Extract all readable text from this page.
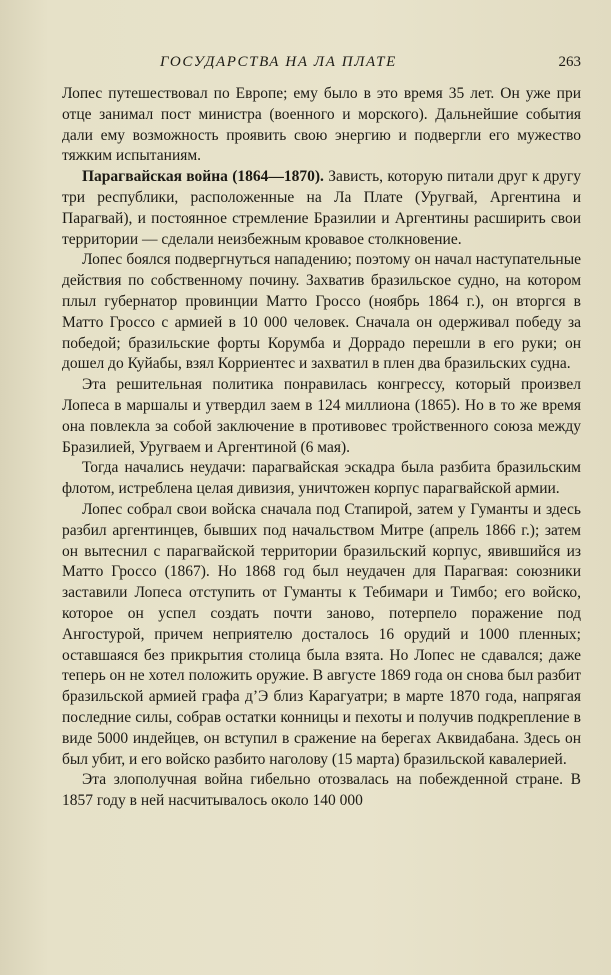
ГОСУДАРСТВА НА ЛА ПЛАТЕ	263

Лопес путешествовал по Европе; ему было в это время 35 лет. Он уже при отце занимал пост министра (военного и морского). Дальнейшие события дали ему возможность проявить свою энергию и подвергли его мужество тяжким испытаниям.

Парагвайская война (1864—1870). Зависть, которую питали друг к другу три республики, расположенные на Ла Плате (Уругвай, Аргентина и Парагвай), и постоянное стремление Бразилии и Аргентины расширить свои территории — сделали неизбежным кровавое столкновение.

Лопес боялся подвергнуться нападению; поэтому он начал наступательные действия по собственному почину. Захватив бразильское судно, на котором плыл губернатор провинции Матто Гроссо (ноябрь 1864 г.), он вторгся в Матто Гроссо с армией в 10 000 человек. Сначала он одерживал победу за победой; бразильские форты Корумба и Доррадо перешли в его руки; он дошел до Куйабы, взял Корриентес и захватил в плен два бразильских судна.

Эта решительная политика понравилась конгрессу, который произвел Лопеса в маршалы и утвердил заем в 124 миллиона (1865). Но в то же время она повлекла за собой заключение в противовес тройственного союза между Бразилией, Уругваем и Аргентиной (6 мая).

Тогда начались неудачи: парагвайская эскадра была разбита бразильским флотом, истреблена целая дивизия, уничтожен корпус парагвайской армии.

Лопес собрал свои войска сначала под Стапирой, затем у Гуманты и здесь разбил аргентинцев, бывших под начальством Митре (апрель 1866 г.); затем он вытеснил с парагвайской территории бразильский корпус, явившийся из Матто Гроссо (1867). Но 1868 год был неудачен для Парагвая: союзники заставили Лопеса отступить от Гуманты к Тебимари и Тимбо; его войско, которое он успел создать почти заново, потерпело поражение под Ангостурой, причем неприятелю досталось 16 орудий и 1000 пленных; оставшаяся без прикрытия столица была взята. Но Лопес не сдавался; даже теперь он не хотел положить оружие. В августе 1869 года он снова был разбит бразильской армией графа д’Э близ Карагуатри; в марте 1870 года, напрягая последние силы, собрав остатки конницы и пехоты и получив подкрепление в виде 5000 индейцев, он вступил в сражение на берегах Аквидабана. Здесь он был убит, и его войско разбито наголову (15 марта) бразильской кавалерией.

Эта злополучная война гибельно отозвалась на побежденной стране. В 1857 году в ней насчитывалось около 140 000
